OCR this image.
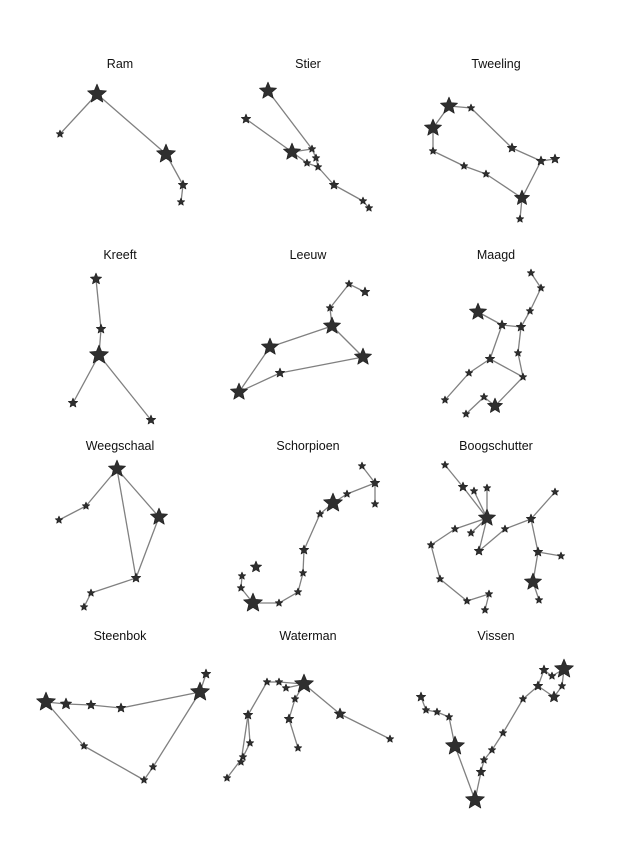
Ram	Stier	Tweeling
Kreeft	Leeuw	Maagd
Weegschaal	Schorpioen	Boogschutter
Steenbok	Waterman	Vissen
